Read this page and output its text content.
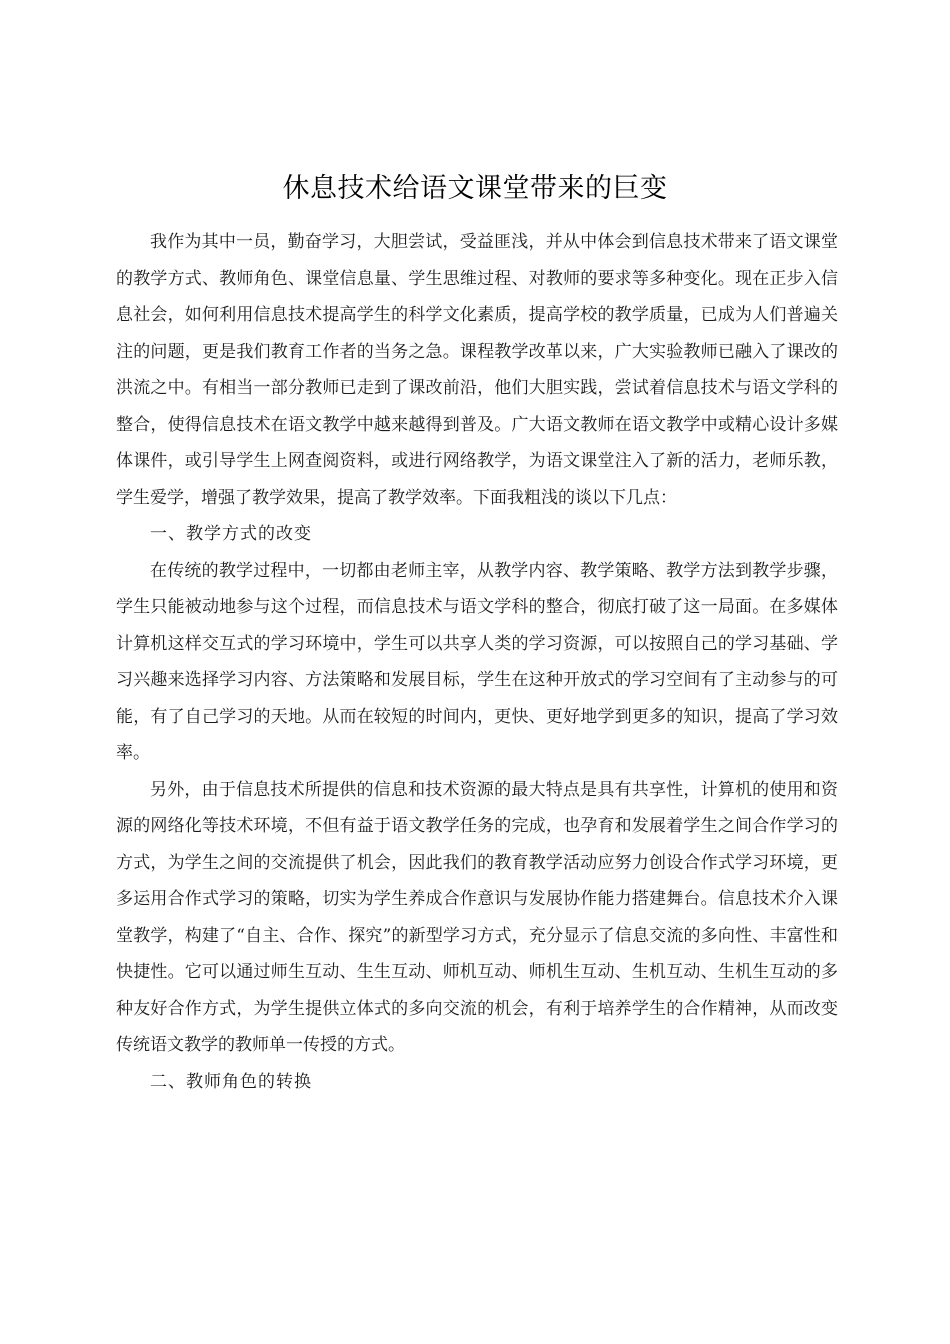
休息技术给语文课堂带来的巨变

我作为其中一员，勤奋学习，大胆尝试，受益匪浅，并从中体会到信息技术带来了语文课堂的教学方式、教师角色、课堂信息量、学生思维过程、对教师的要求等多种变化。现在正步入信息社会，如何利用信息技术提高学生的科学文化素质，提高学校的教学质量，已成为人们普遍关注的问题，更是我们教育工作者的当务之急。课程教学改革以来，广大实验教师已融入了课改的洪流之中。有相当一部分教师已走到了课改前沿，他们大胆实践，尝试着信息技术与语文学科的整合，使得信息技术在语文教学中越来越得到普及。广大语文教师在语文教学中或精心设计多媒体课件，或引导学生上网查阅资料，或进行网络教学，为语文课堂注入了新的活力，老师乐教，学生爱学，增强了教学效果，提高了教学效率。下面我粗浅的谈以下几点：

一、教学方式的改变

在传统的教学过程中，一切都由老师主宰，从教学内容、教学策略、教学方法到教学步骤，学生只能被动地参与这个过程，而信息技术与语文学科的整合，彻底打破了这一局面。在多媒体计算机这样交互式的学习环境中，学生可以共享人类的学习资源，可以按照自己的学习基础、学习兴趣来选择学习内容、方法策略和发展目标，学生在这种开放式的学习空间有了主动参与的可能，有了自己学习的天地。从而在较短的时间内，更快、更好地学到更多的知识，提高了学习效率。

另外，由于信息技术所提供的信息和技术资源的最大特点是具有共享性，计算机的使用和资源的网络化等技术环境，不但有益于语文教学任务的完成，也孕育和发展着学生之间合作学习的方式，为学生之间的交流提供了机会，因此我们的教育教学活动应努力创设合作式学习环境，更多运用合作式学习的策略，切实为学生养成合作意识与发展协作能力搭建舞台。信息技术介入课堂教学，构建了“自主、合作、探究”的新型学习方式，充分显示了信息交流的多向性、丰富性和快捷性。它可以通过师生互动、生生互动、师机互动、师机生互动、生机互动、生机生互动的多种友好合作方式，为学生提供立体式的多向交流的机会，有利于培养学生的合作精神，从而改变传统语文教学的教师单一传授的方式。

二、教师角色的转换
